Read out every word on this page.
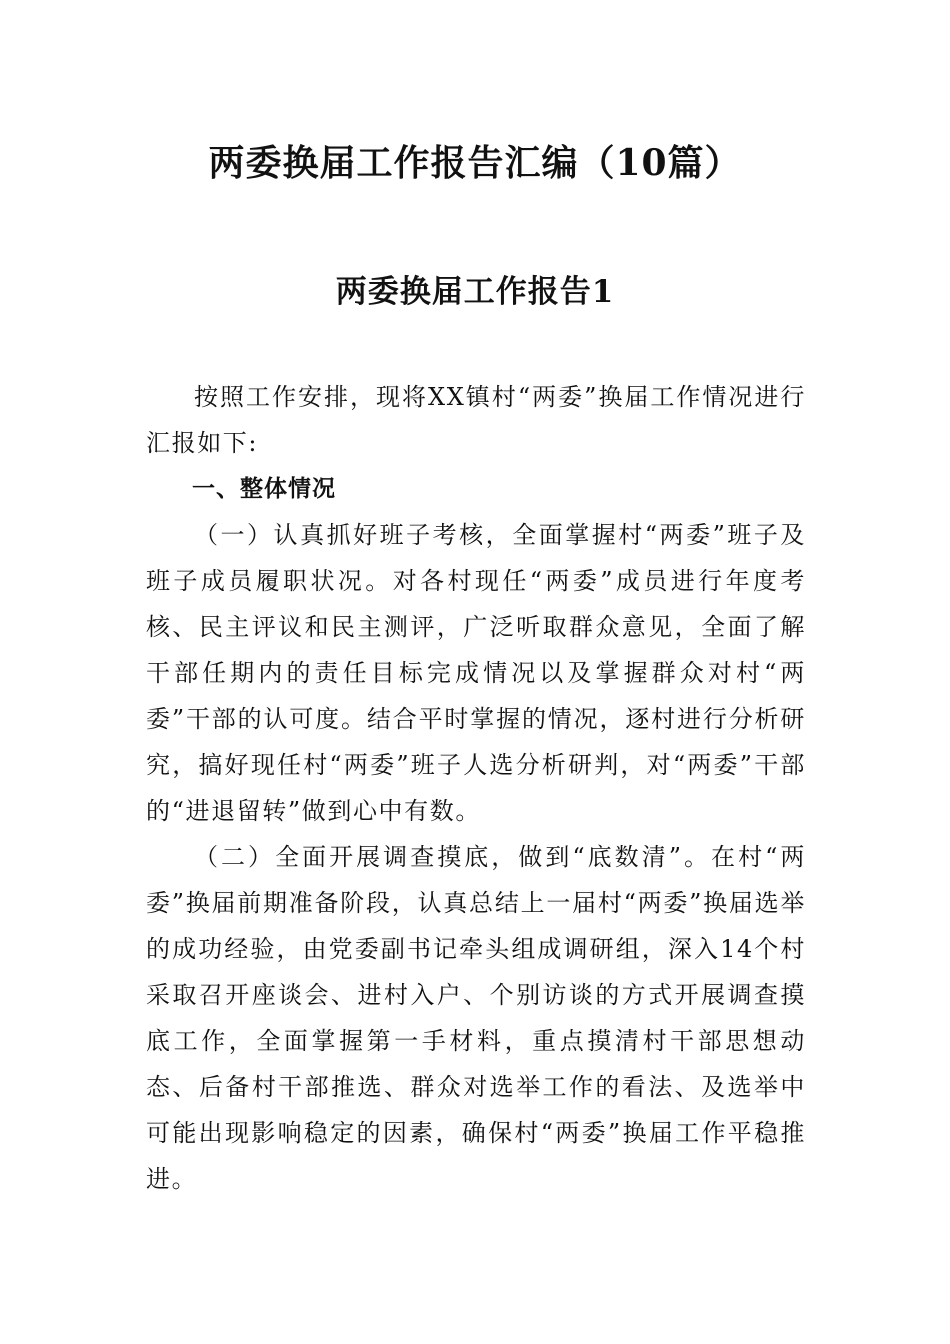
两委换届工作报告汇编（10篇）
两委换届工作报告1

按照工作安排，现将XX镇村“两委”换届工作情况进行汇报如下:

一、整体情况

（一）认真抓好班子考核，全面掌握村“两委”班子及班子成员履职状况。对各村现任“两委”成员进行年度考核、民主评议和民主测评，广泛听取群众意见，全面了解干部任期内的责任目标完成情况以及掌握群众对村“两委”干部的认可度。结合平时掌握的情况，逐村进行分析研究，搞好现任村“两委”班子人选分析研判，对“两委”干部的“进退留转”做到心中有数。

（二）全面开展调查摸底，做到“底数清”。在村“两委”换届前期准备阶段，认真总结上一届村“两委”换届选举的成功经验，由党委副书记牵头组成调研组，深入14个村采取召开座谈会、进村入户、个别访谈的方式开展调查摸底工作，全面掌握第一手材料，重点摸清村干部思想动态、后备村干部推选、群众对选举工作的看法、及选举中可能出现影响稳定的因素，确保村“两委”换届工作平稳推进。
